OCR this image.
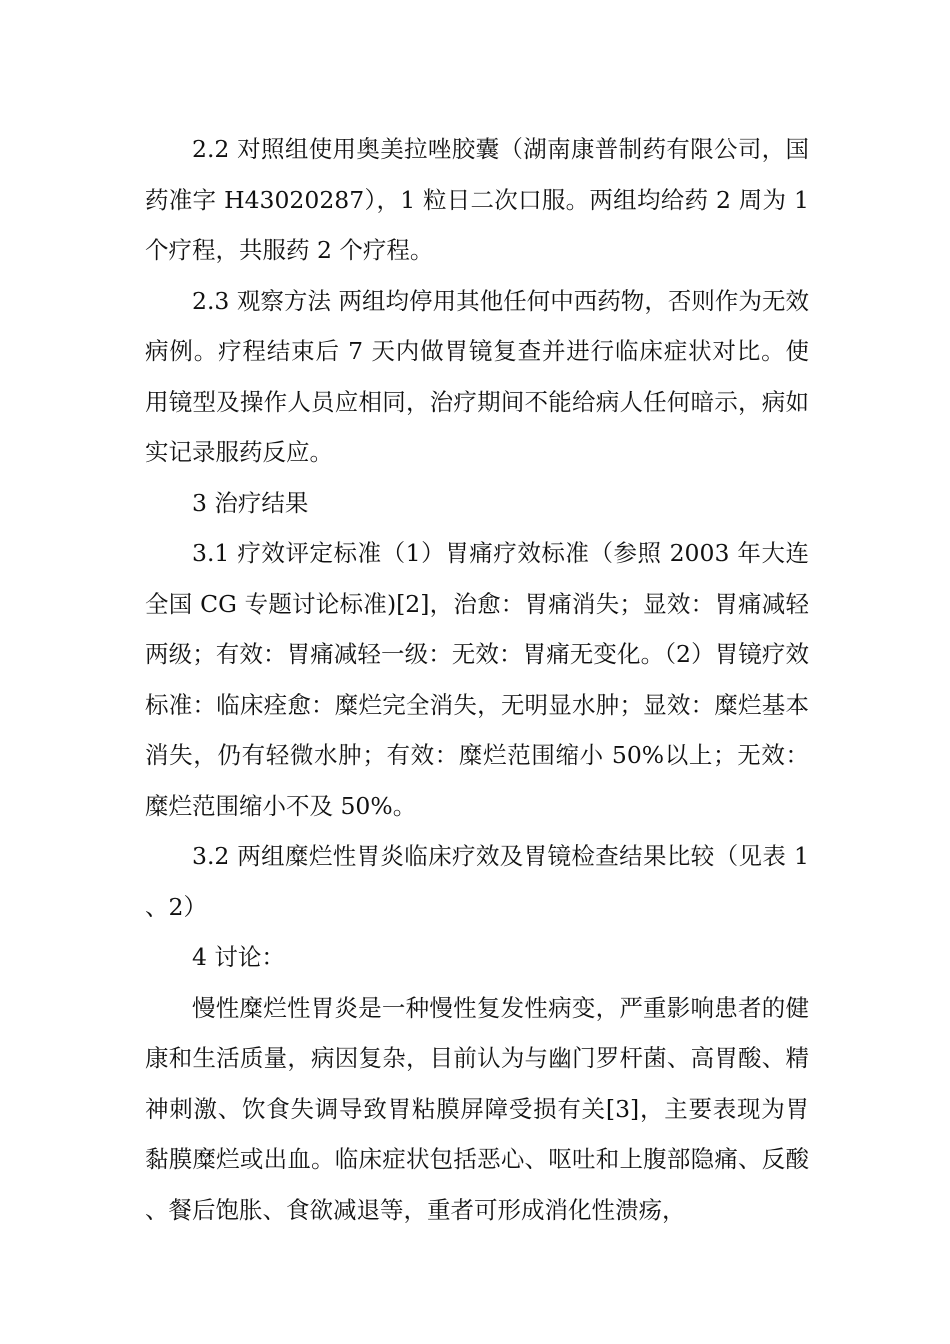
2.2 对照组使用奥美拉唑胶囊（湖南康普制药有限公司，国药准字 H43020287），1 粒日二次口服。两组均给药 2 周为 1 个疗程，共服药 2 个疗程。

2.3 观察方法 两组均停用其他任何中西药物，否则作为无效病例。疗程结束后 7 天内做胃镜复查并进行临床症状对比。使用镜型及操作人员应相同，治疗期间不能给病人任何暗示，病如实记录服药反应。

3 治疗结果

3.1 疗效评定标准（1）胃痛疗效标准（参照 2003 年大连全国 CG 专题讨论标准)[2]，治愈：胃痛消失；显效：胃痛减轻两级；有效：胃痛减轻一级：无效：胃痛无变化。（2）胃镜疗效标准：临床痊愈：糜烂完全消失，无明显水肿；显效：糜烂基本消失，仍有轻微水肿；有效：糜烂范围缩小 50%以上；无效：糜烂范围缩小不及 50%。

3.2 两组糜烂性胃炎临床疗效及胃镜检查结果比较（见表 1、2）

4 讨论：

慢性糜烂性胃炎是一种慢性复发性病变，严重影响患者的健康和生活质量，病因复杂，目前认为与幽门罗杆菌、高胃酸、精神刺激、饮食失调导致胃粘膜屏障受损有关[3]，主要表现为胃黏膜糜烂或出血。临床症状包括恶心、呕吐和上腹部隐痛、反酸、餐后饱胀、食欲减退等，重者可形成消化性溃疡，
